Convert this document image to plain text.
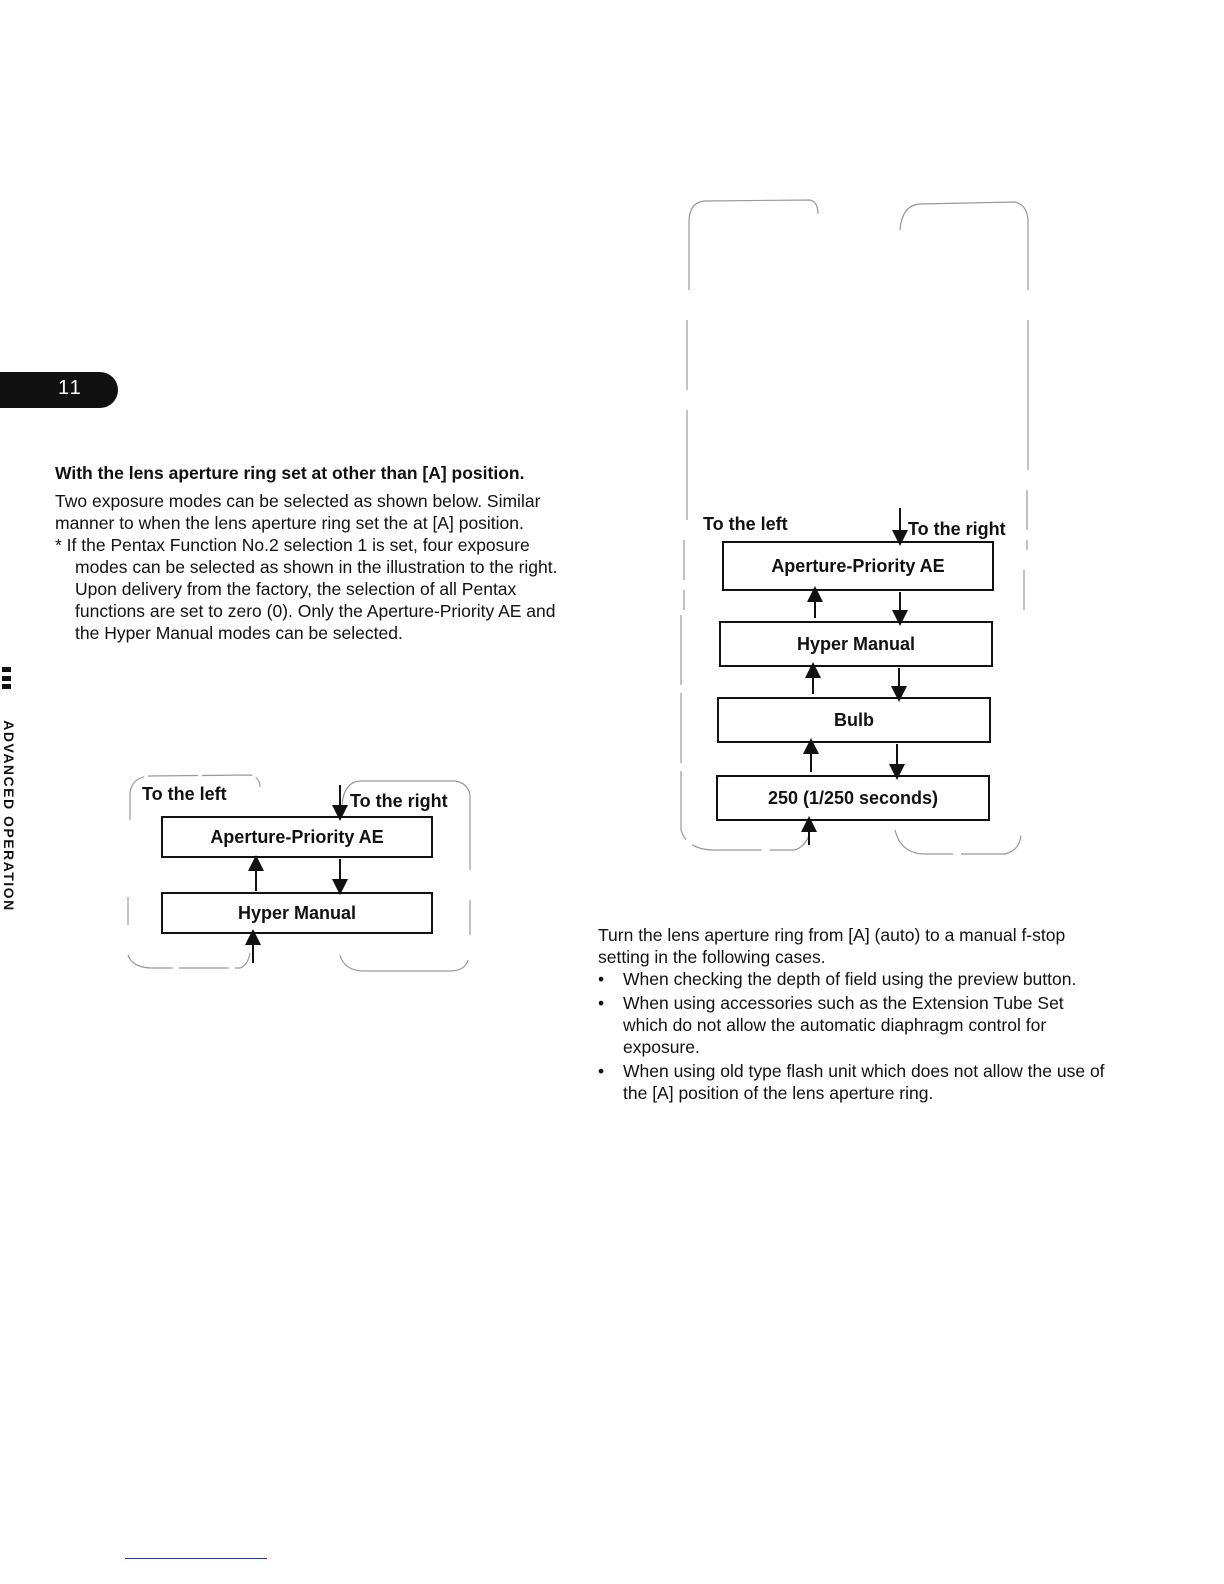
11
ADVANCED OPERATION

With the lens aperture ring set at other than [A] position.

Two exposure modes can be selected as shown below. Similar manner to when the lens aperture ring set the at [A] position.

* If the Pentax Function No.2 selection 1 is set, four exposure modes can be selected as shown in the illustration to the right. Upon delivery from the factory, the selection of all Pentax functions are set to zero (0). Only the Aperture-Priority AE and the Hyper Manual modes can be selected.

To the left	To the right
Aperture-Priority AE
Hyper Manual
To the left	To the right
Aperture-Priority AE
Hyper Manual
Bulb
250 (1/250 seconds)

Turn the lens aperture ring from [A] (auto) to a manual f-stop setting in the following cases.

• When checking the depth of field using the preview button.
• When using accessories such as the Extension Tube Set which do not allow the automatic diaphragm control for exposure.
• When using old type flash unit which does not allow the use of the [A] position of the lens aperture ring.
